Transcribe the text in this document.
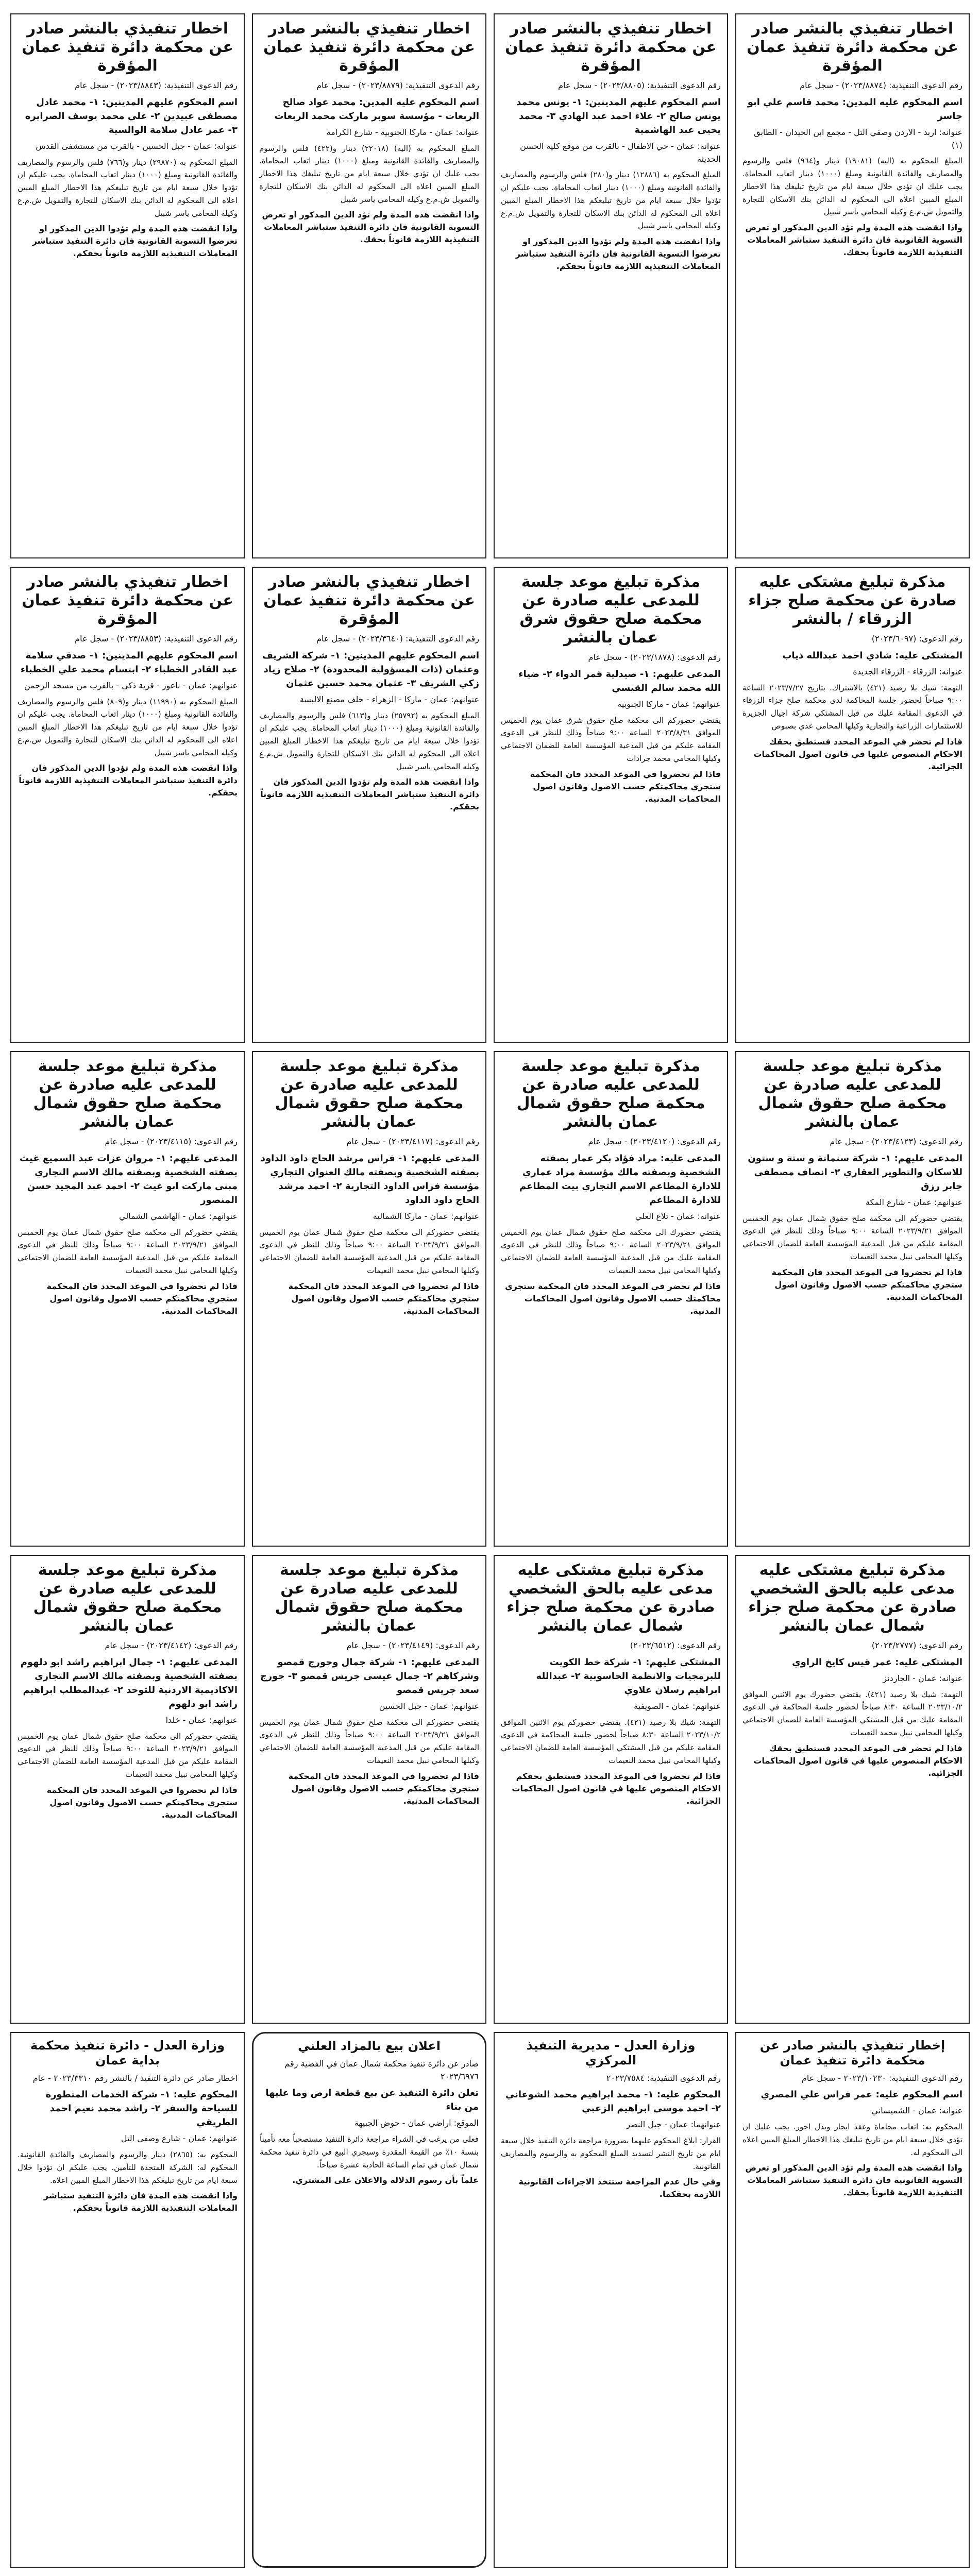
اخطار تنفيذي بالنشر صادر عن محكمة دائرة تنفيذ عمان المؤقرة
رقم الدعوى التنفيذية: (٢٠٢٣/٨٨٧٤) - سجل عام
اسم المحكوم عليه المدين: محمد قاسم علي ابو جاسر
عنوانه: اربد - الاردن وصفي التل - مجمع ابن الحيدان - الطابق (١)
المبلغ المحكوم به (اليه) (١٩٠٨١) دينار و(٩٦٤) فلس والرسوم والمصاريف والفائدة القانونية ومبلغ (١٠٠٠) دينار اتعاب المحاماة. يجب عليك ان تؤدي خلال سبعة ايام من تاريخ تبليغك هذا الاخطار المبلغ المبين اعلاه الى المحكوم له الدائن بنك الاسكان للتجارة والتمويل ش.م.ع وكيله المحامي ياسر شبيل
واذا انقضت هذه المدة ولم تؤد الدين المذكور او تعرض التسوية القانونية فان دائرة التنفيذ ستباشر المعاملات التنفيذية اللازمة قانوناً بحقك.
اخطار تنفيذي بالنشر صادر عن محكمة دائرة تنفيذ عمان المؤقرة
رقم الدعوى التنفيذية: (٢٠٢٣/٨٨٠٥) - سجل عام
اسم المحكوم عليهم المدينين: ١- يونس محمد يونس صالح ٢- علاء احمد عبد الهادي ٣- محمد يحيى عبد الهاشمية
عنوانه: عمان - حي الاطفال - بالقرب من موقع كلية الحسن الحديثة
المبلغ المحكوم به (١٢٨٨٦) دينار و(٢٨٠) فلس والرسوم والمصاريف والفائدة القانونية ومبلغ (١٠٠٠) دينار اتعاب المحاماة. يجب عليكم ان تؤدوا خلال سبعة ايام من تاريخ تبليغكم هذا الاخطار المبلغ المبين اعلاه الى المحكوم له الدائن بنك الاسكان للتجارة والتمويل ش.م.ع وكيله المحامي ياسر شبيل
واذا انقضت هذه المدة ولم تؤدوا الدين المذكور او تعرضوا التسوية القانونية فان دائرة التنفيذ ستباشر المعاملات التنفيذية اللازمة قانوناً بحقكم.
اخطار تنفيذي بالنشر صادر عن محكمة دائرة تنفيذ عمان المؤقرة
رقم الدعوى التنفيذية: (٢٠٢٣/٨٨٧٩) - سجل عام
اسم المحكوم عليه المدين: محمد عواد صالح الربعات - مؤسسة سوبر ماركت محمد الربعات
عنوانه: عمان - ماركا الجنوبية - شارع الكرامة
المبلغ المحكوم به (اليه) (٢٢٠١٨) دينار و(٤٢٢) فلس والرسوم والمصاريف والفائدة القانونية ومبلغ (١٠٠٠) دينار اتعاب المحاماة. يجب عليك ان تؤدي خلال سبعة ايام من تاريخ تبليغك هذا الاخطار المبلغ المبين اعلاه الى المحكوم له الدائن بنك الاسكان للتجارة والتمويل ش.م.ع وكيله المحامي ياسر شبيل
واذا انقضت هذه المدة ولم تؤد الدين المذكور او تعرض التسوية القانونية فان دائرة التنفيذ ستباشر المعاملات التنفيذية اللازمة قانوناً بحقك.
اخطار تنفيذي بالنشر صادر عن محكمة دائرة تنفيذ عمان المؤقرة
رقم الدعوى التنفيذية: (٢٠٢٣/٨٨٤٣) - سجل عام
اسم المحكوم عليهم المدينين: ١- محمد عادل مصطفى عبيدين ٢- علي محمد يوسف الصرايره ٣- عمر عادل سلامة الوالسية
عنوانه: عمان - جبل الحسين - بالقرب من مستشفى القدس
المبلغ المحكوم به (٢٩٨٧٠) دينار و(٧٦٦) فلس والرسوم والمصاريف والفائدة القانونية ومبلغ (١٠٠٠) دينار اتعاب المحاماة. يجب عليكم ان تؤدوا خلال سبعة ايام من تاريخ تبليغكم هذا الاخطار المبلغ المبين اعلاه الى المحكوم له الدائن بنك الاسكان للتجارة والتمويل ش.م.ع وكيله المحامي ياسر شبيل
واذا انقضت هذه المدة ولم تؤدوا الدين المذكور او تعرضوا التسوية القانونية فان دائرة التنفيذ ستباشر المعاملات التنفيذية اللازمة قانوناً بحقكم.
مذكرة تبليغ مشتكى عليه صادرة عن محكمة صلح جزاء الزرقاء / بالنشر
رقم الدعوى: (٢٠٢٣/٦٠٩٧)
المشتكى عليه: شادي احمد عبدالله ذياب
عنوانه: الزرقاء - الزرقاء الجديدة
التهمة: شيك بلا رصيد (٤٢١) بالاشتراك. بتاريخ ٢٠٢٣/٧/٢٧ الساعة ٩:٠٠ صباحاً لحضور جلسة المحاكمة لدى محكمة صلح جزاء الزرقاء في الدعوى المقامة عليك من قبل المشتكي شركة اجيال الجزيرة للاستثمارات الزراعية والتجارية وكيلها المحامي عدي بصبوص
فاذا لم تحضر في الموعد المحدد فستطبق بحقك الاحكام المنصوص عليها في قانون اصول المحاكمات الجزائية.
مذكرة تبليغ موعد جلسة للمدعى عليه صادرة عن محكمة صلح حقوق شرق عمان بالنشر
رقم الدعوى: (٢٠٢٣/١٨٧٨) - سجل عام
المدعى عليهم: ١- صيدلية قمر الدواء ٢- ضياء الله محمد سالم القيسي
عنوانهم: عمان - ماركا الجنوبية
يقتضي حضوركم الى محكمة صلح حقوق شرق عمان يوم الخميس الموافق ٢٠٢٣/٨/٣١ الساعة ٩:٠٠ صباحاً وذلك للنظر في الدعوى المقامة عليكم من قبل المدعية المؤسسة العامة للضمان الاجتماعي وكيلها المحامي محمد جرادات
فاذا لم تحضروا في الموعد المحدد فان المحكمة ستجري محاكمتكم حسب الاصول وقانون اصول المحاكمات المدنية.
اخطار تنفيذي بالنشر صادر عن محكمة دائرة تنفيذ عمان المؤقرة
رقم الدعوى التنفيذية: (٢٠٢٣/٣٦٤٠) - سجل عام
اسم المحكوم عليهم المدينين: ١- شركة الشريف وعثمان (ذات المسؤولية المحدودة) ٢- صلاح زياد زكي الشريف ٣- عثمان محمد حسين عثمان
عنوانهم: عمان - ماركا - الزهراء - خلف مصنع الالبسة
المبلغ المحكوم به (٢٥٧٩٢) دينار و(٦١٣) فلس والرسوم والمصاريف والفائدة القانونية ومبلغ (١٠٠٠) دينار اتعاب المحاماة. يجب عليكم ان تؤدوا خلال سبعة ايام من تاريخ تبليغكم هذا الاخطار المبلغ المبين اعلاه الى المحكوم له الدائن بنك الاسكان للتجارة والتمويل ش.م.ع وكيله المحامي ياسر شبيل
واذا انقضت هذه المدة ولم تؤدوا الدين المذكور فان دائرة التنفيذ ستباشر المعاملات التنفيذية اللازمة قانوناً بحقكم.
اخطار تنفيذي بالنشر صادر عن محكمة دائرة تنفيذ عمان المؤقرة
رقم الدعوى التنفيذية: (٢٠٢٣/٨٨٥٣) - سجل عام
اسم المحكوم عليهم المدينين: ١- صدقي سلامة عبد القادر الخطباء ٢- ابتسام محمد علي الخطباء
عنوانهم: عمان - ناعور - قرية ذكي - بالقرب من مسجد الرحمن
المبلغ المحكوم به (١١٩٩٠) دينار و(٨٠٩) فلس والرسوم والمصاريف والفائدة القانونية ومبلغ (١٠٠٠) دينار اتعاب المحاماة. يجب عليكم ان تؤدوا خلال سبعة ايام من تاريخ تبليغكم هذا الاخطار المبلغ المبين اعلاه الى المحكوم له الدائن بنك الاسكان للتجارة والتمويل ش.م.ع وكيله المحامي ياسر شبيل
واذا انقضت هذه المدة ولم تؤدوا الدين المذكور فان دائرة التنفيذ ستباشر المعاملات التنفيذية اللازمة قانوناً بحقكم.
مذكرة تبليغ موعد جلسة للمدعى عليه صادرة عن محكمة صلح حقوق شمال عمان بالنشر
رقم الدعوى: (٢٠٢٣/٤١٢٣) - سجل عام
المدعى عليهم: ١- شركة سنمانة و ستة و ستون للاسكان والتطوير العقاري ٢- انصاف مصطفى جابر رزق
عنوانهم: عمان - شارع المكة
يقتضي حضوركم الى محكمة صلح حقوق شمال عمان يوم الخميس الموافق ٢٠٢٣/٩/٢١ الساعة ٩:٠٠ صباحاً وذلك للنظر في الدعوى المقامة عليكم من قبل المدعية المؤسسة العامة للضمان الاجتماعي وكيلها المحامي نبيل محمد النعيمات
فاذا لم تحضروا في الموعد المحدد فان المحكمة ستجري محاكمتكم حسب الاصول وقانون اصول المحاكمات المدنية.
مذكرة تبليغ موعد جلسة للمدعى عليه صادرة عن محكمة صلح حقوق شمال عمان بالنشر
رقم الدعوى: (٢٠٢٣/٤١٢٠) - سجل عام
المدعى عليه: مراد فؤاد بكر عمار بصفته الشخصية وبصفته مالك مؤسسة مراد عماري للادارة المطاعم الاسم التجاري بيت المطاعم للادارة المطاعم
عنوانه: عمان - تلاع العلي
يقتضي حضورك الى محكمة صلح حقوق شمال عمان يوم الخميس الموافق ٢٠٢٣/٩/٢١ الساعة ٩:٠٠ صباحاً وذلك للنظر في الدعوى المقامة عليك من قبل المدعية المؤسسة العامة للضمان الاجتماعي وكيلها المحامي نبيل محمد النعيمات
فاذا لم تحضر في الموعد المحدد فان المحكمة ستجري محاكمتك حسب الاصول وقانون اصول المحاكمات المدنية.
مذكرة تبليغ موعد جلسة للمدعى عليه صادرة عن محكمة صلح حقوق شمال عمان بالنشر
رقم الدعوى: (٢٠٢٣/٤١١٧) - سجل عام
المدعى عليهم: ١- فراس مرشد الحاج داود الداود بصفته الشخصية وبصفته مالك العنوان التجاري مؤسسة فراس الداود التجارية ٢- احمد مرشد الحاج داود الداود
عنوانهم: عمان - ماركا الشمالية
يقتضي حضوركم الى محكمة صلح حقوق شمال عمان يوم الخميس الموافق ٢٠٢٣/٩/٢١ الساعة ٩:٠٠ صباحاً وذلك للنظر في الدعوى المقامة عليكم من قبل المدعية المؤسسة العامة للضمان الاجتماعي وكيلها المحامي نبيل محمد النعيمات
فاذا لم تحضروا في الموعد المحدد فان المحكمة ستجري محاكمتكم حسب الاصول وقانون اصول المحاكمات المدنية.
مذكرة تبليغ موعد جلسة للمدعى عليه صادرة عن محكمة صلح حقوق شمال عمان بالنشر
رقم الدعوى: (٢٠٢٣/٤١١٥) - سجل عام
المدعى عليهم: ١- مروان عزات عبد السميع غيث بصفته الشخصية وبصفته مالك الاسم التجاري مبنى ماركت ابو غيث ٢- احمد عبد المجيد حسن المنصور
عنوانهم: عمان - الهاشمي الشمالي
يقتضي حضوركم الى محكمة صلح حقوق شمال عمان يوم الخميس الموافق ٢٠٢٣/٩/٢١ الساعة ٩:٠٠ صباحاً وذلك للنظر في الدعوى المقامة عليكم من قبل المدعية المؤسسة العامة للضمان الاجتماعي وكيلها المحامي نبيل محمد النعيمات
فاذا لم تحضروا في الموعد المحدد فان المحكمة ستجري محاكمتكم حسب الاصول وقانون اصول المحاكمات المدنية.
مذكرة تبليغ مشتكى عليه مدعى عليه بالحق الشخصي صادرة عن محكمة صلح جزاء شمال عمان بالنشر
رقم الدعوى: (٢٠٢٣/٢٧٧٧)
المشتكى عليه: عمر قيس كايخ الراوي
عنوانه: عمان - الجاردنز
التهمة: شيك بلا رصيد (٤٢١). يقتضي حضورك يوم الاثنين الموافق ٢٠٢٣/١٠/٢ الساعة ٨:٣٠ صباحاً لحضور جلسة المحاكمة في الدعوى المقامة عليك من قبل المشتكي المؤسسة العامة للضمان الاجتماعي وكيلها المحامي نبيل محمد النعيمات
فاذا لم تحضر في الموعد المحدد فستطبق بحقك الاحكام المنصوص عليها في قانون اصول المحاكمات الجزائية.
مذكرة تبليغ مشتكى عليه مدعى عليه بالحق الشخصي صادرة عن محكمة صلح جزاء شمال عمان بالنشر
رقم الدعوى: (٢٠٢٣/٦٥١٢)
المشتكى عليهم: ١- شركة خط الكويت للبرمجيات والانظمة الحاسوبية ٢- عبدالله ابراهيم رسلان علاوي
عنوانهم: عمان - الصويفية
التهمة: شيك بلا رصيد (٤٢١). يقتضي حضوركم يوم الاثنين الموافق ٢٠٢٣/١٠/٢ الساعة ٨:٣٠ صباحاً لحضور جلسة المحاكمة في الدعوى المقامة عليكم من قبل المشتكي المؤسسة العامة للضمان الاجتماعي وكيلها المحامي نبيل محمد النعيمات
فاذا لم تحضروا في الموعد المحدد فستطبق بحقكم الاحكام المنصوص عليها في قانون اصول المحاكمات الجزائية.
مذكرة تبليغ موعد جلسة للمدعى عليه صادرة عن محكمة صلح حقوق شمال عمان بالنشر
رقم الدعوى: (٢٠٢٣/٤١٤٩) - سجل عام
المدعى عليهم: ١- شركة جمال وجورج قمصو وشركاهم ٢- جمال عيسى جريس قمصو ٣- جورج سعد جريس قمصو
عنوانهم: عمان - جبل الحسين
يقتضي حضوركم الى محكمة صلح حقوق شمال عمان يوم الخميس الموافق ٢٠٢٣/٩/٢١ الساعة ٩:٠٠ صباحاً وذلك للنظر في الدعوى المقامة عليكم من قبل المدعية المؤسسة العامة للضمان الاجتماعي وكيلها المحامي نبيل محمد النعيمات
فاذا لم تحضروا في الموعد المحدد فان المحكمة ستجري محاكمتكم حسب الاصول وقانون اصول المحاكمات المدنية.
مذكرة تبليغ موعد جلسة للمدعى عليه صادرة عن محكمة صلح حقوق شمال عمان بالنشر
رقم الدعوى: (٢٠٢٣/٤١٤٢) - سجل عام
المدعى عليهم: ١- جمال ابراهيم راشد ابو دلهوم بصفته الشخصية وبصفته مالك الاسم التجاري الاكاديمية الاردنية للتوحد ٢- عبدالمطلب ابراهيم راشد ابو دلهوم
عنوانهم: عمان - خلدا
يقتضي حضوركم الى محكمة صلح حقوق شمال عمان يوم الخميس الموافق ٢٠٢٣/٩/٢١ الساعة ٩:٠٠ صباحاً وذلك للنظر في الدعوى المقامة عليكم من قبل المدعية المؤسسة العامة للضمان الاجتماعي وكيلها المحامي نبيل محمد النعيمات
فاذا لم تحضروا في الموعد المحدد فان المحكمة ستجري محاكمتكم حسب الاصول وقانون اصول المحاكمات المدنية.
إخطار تنفيذي بالنشر صادر عن محكمة دائرة تنفيذ عمان
رقم الدعوى التنفيذية: ٢٠٢٣/١٠٢٣٠ - سجل عام
اسم المحكوم عليه: عمر فراس علي المصري
عنوانه: عمان - الشميساني
المحكوم به: اتعاب محاماة وعقد ايجار وبدل اجور. يجب عليك ان تؤدي خلال سبعة ايام من تاريخ تبليغك هذا الاخطار المبلغ المبين اعلاه الى المحكوم له.
واذا انقضت هذه المدة ولم تؤد الدين المذكور او تعرض التسوية القانونية فان دائرة التنفيذ ستباشر المعاملات التنفيذية اللازمة قانوناً بحقك.
وزارة العدل - مديرية التنفيذ المركزي
رقم الدعوى التنفيذية: ٢٠٢٣/٧٥٨٤
المحكوم عليه: ١- محمد ابراهيم محمد الشوعاني ٢- احمد موسى ابراهيم الزعبي
عنوانهما: عمان - جبل النصر
القرار: ابلاغ المحكوم عليهما بضرورة مراجعة دائرة التنفيذ خلال سبعة ايام من تاريخ النشر لتسديد المبلغ المحكوم به والرسوم والمصاريف القانونية.
وفي حال عدم المراجعة ستتخذ الاجراءات القانونية اللازمة بحقكما.
اعلان بيع بالمزاد العلني
صادر عن دائرة تنفيذ محكمة شمال عمان في القضية رقم ٢٠٢٣/٦٩٧٦
تعلن دائرة التنفيذ عن بيع قطعة ارض وما عليها من بناء
الموقع: اراضي عمان - حوض الجبيهة
فعلى من يرغب في الشراء مراجعة دائرة التنفيذ مستصحباً معه تأميناً بنسبة ١٠٪ من القيمة المقدرة وسيجري البيع في دائرة تنفيذ محكمة شمال عمان في تمام الساعة الحادية عشرة صباحاً.
علماً بأن رسوم الدلالة والاعلان على المشتري.
وزارة العدل - دائرة تنفيذ محكمة بداية عمان
اخطار صادر عن دائرة التنفيذ / بالنشر رقم ٢٠٢٣/٣٣١٠ - عام
المحكوم عليه: ١- شركة الخدمات المتطورة للسياحة والسفر ٢- راشد محمد نعيم احمد الطريقي
عنوانهم: عمان - شارع وصفي التل
المحكوم به: (٢٨٦٥) دينار والرسوم والمصاريف والفائدة القانونية. المحكوم له: الشركة المتحدة للتأمين. يجب عليكم ان تؤدوا خلال سبعة ايام من تاريخ تبليغكم هذا الاخطار المبلغ المبين اعلاه.
واذا انقضت هذه المدة فان دائرة التنفيذ ستباشر المعاملات التنفيذية اللازمة قانوناً بحقكم.
